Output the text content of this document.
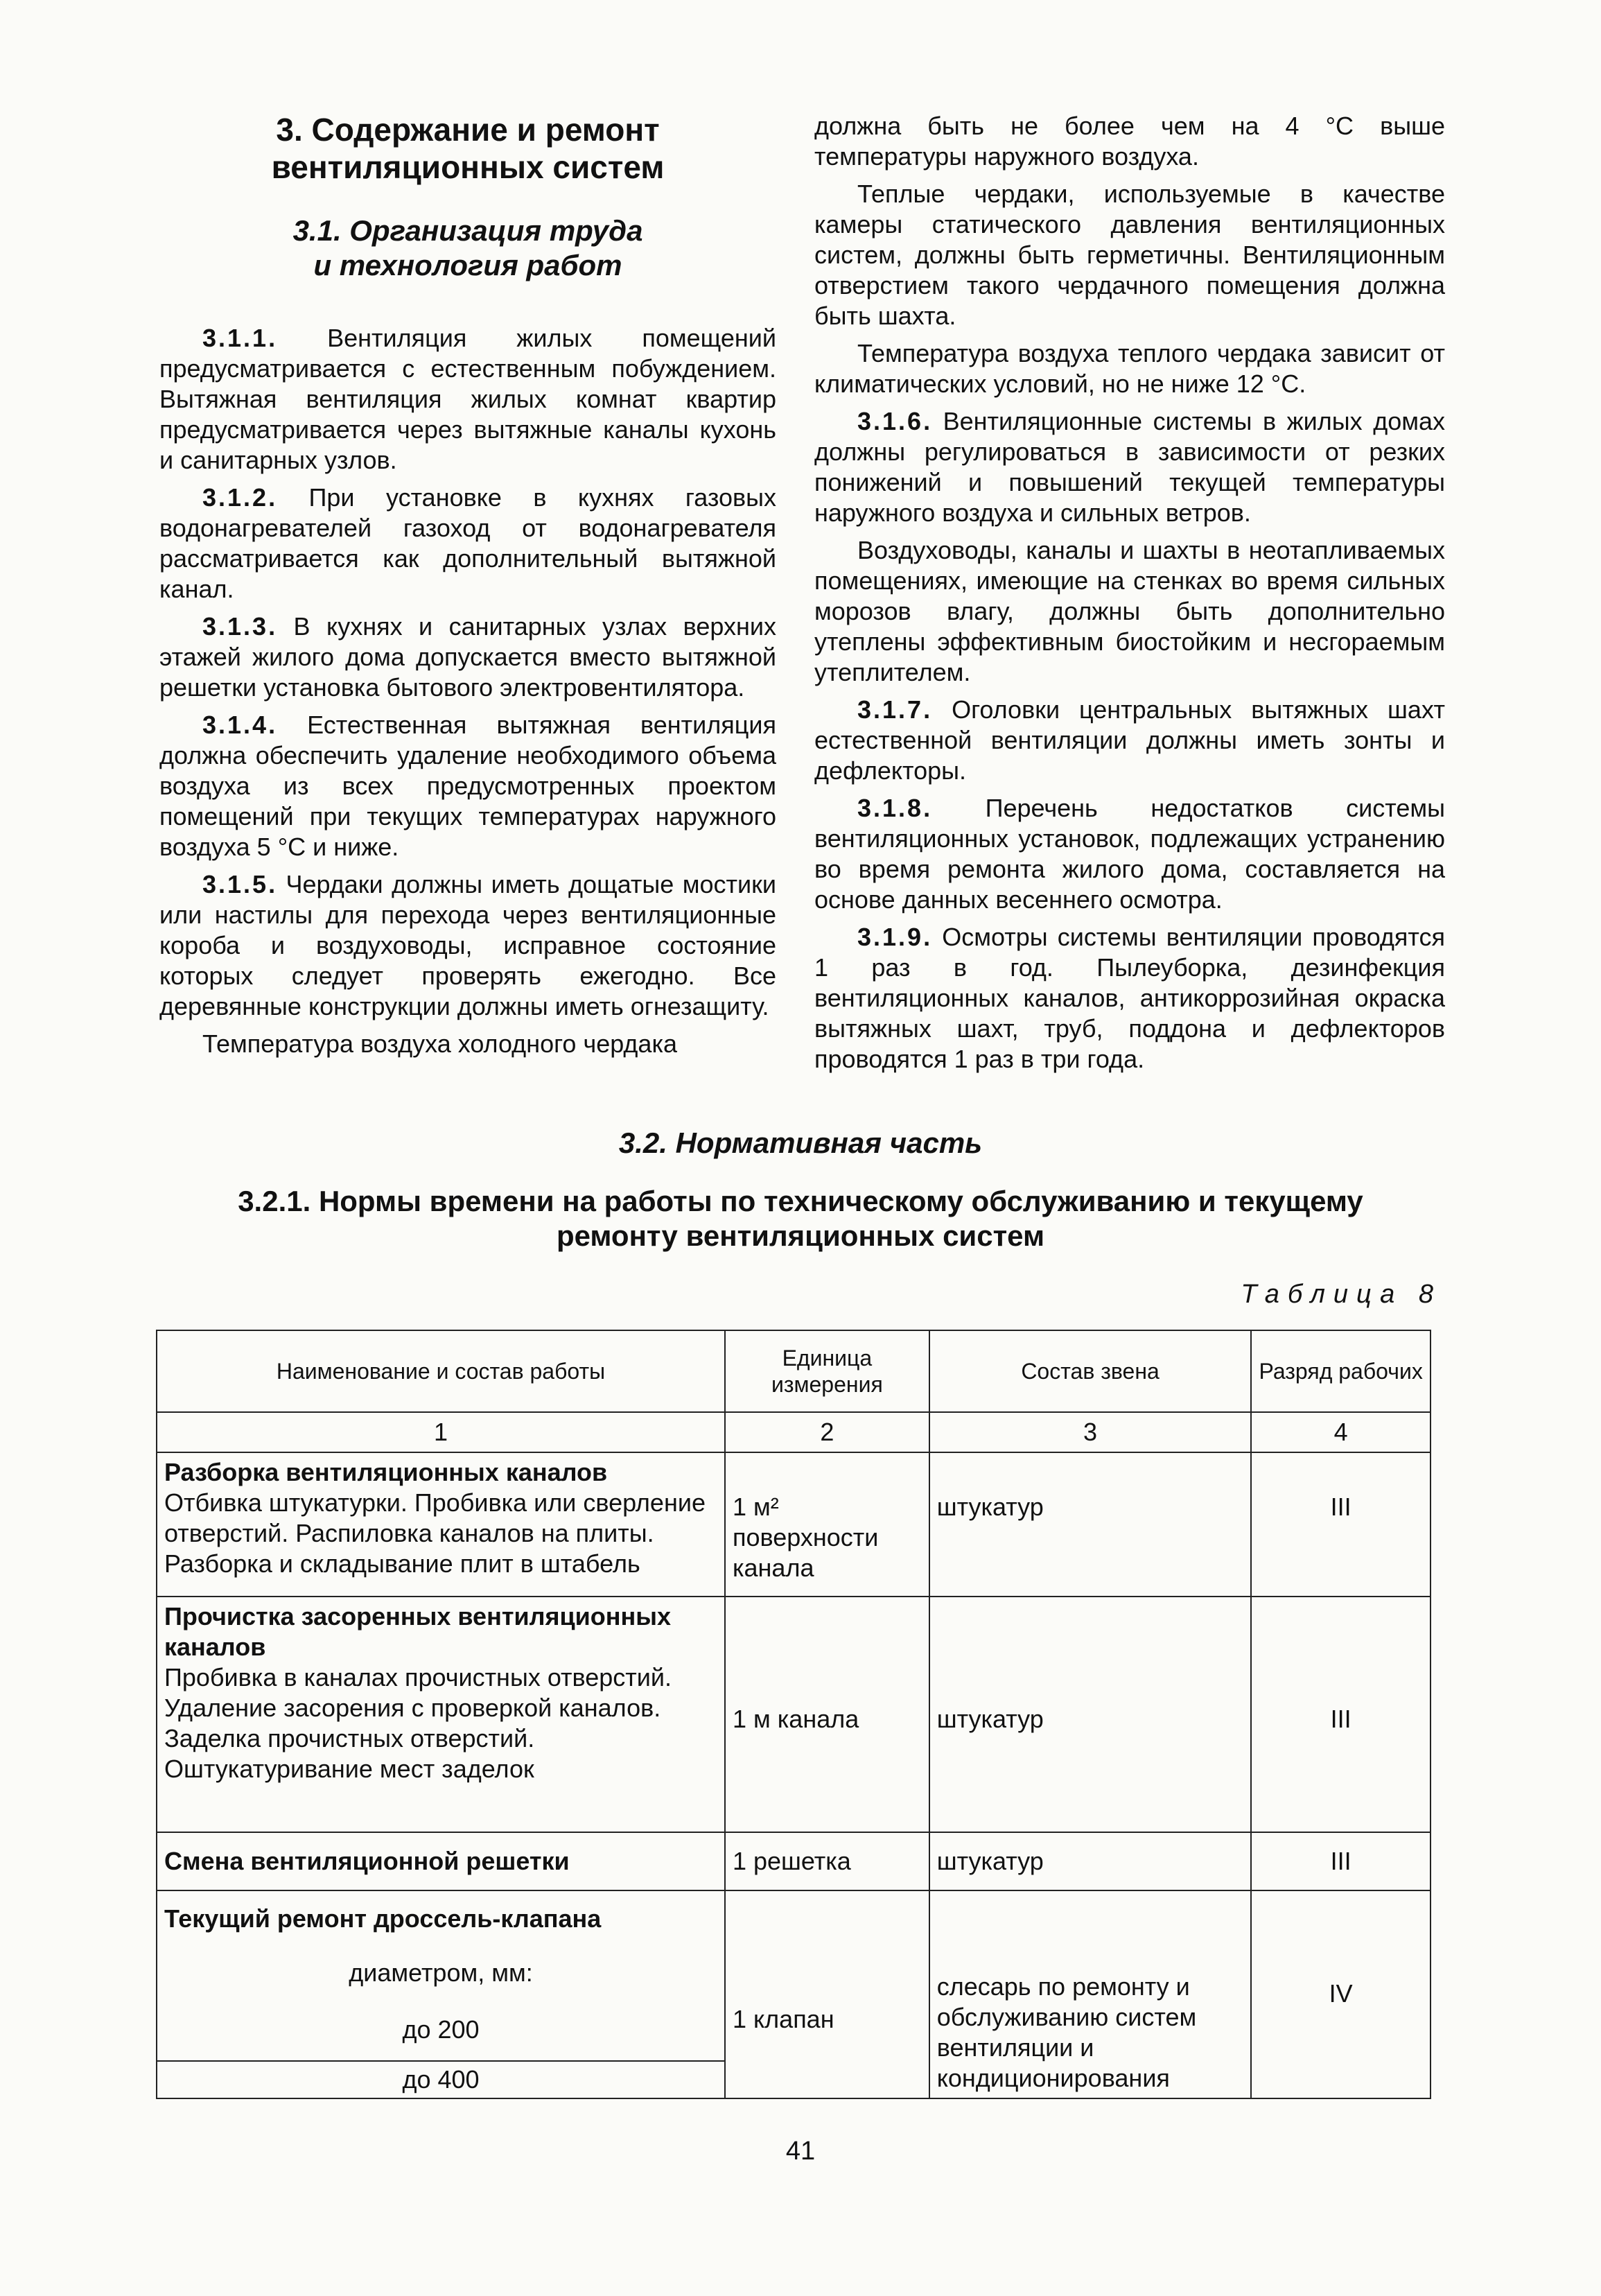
3. Содержание и ремонт
вентиляционных систем
3.1. Организация труда
и технология работ

3.1.1. Вентиляция жилых помещений предусматривается с естественным побуждением. Вытяжная вентиляция жилых комнат квартир предусматривается через вытяжные каналы кухонь и санитарных узлов.

3.1.2. При установке в кухнях газовых водонагревателей газоход от водонагревателя рассматривается как дополнительный вытяжной канал.

3.1.3. В кухнях и санитарных узлах верхних этажей жилого дома допускается вместо вытяжной решетки установка бытового электровентилятора.

3.1.4. Естественная вытяжная вентиляция должна обеспечить удаление необходимого объема воздуха из всех предусмотренных проектом помещений при текущих температурах наружного воздуха 5 °С и ниже.

3.1.5. Чердаки должны иметь дощатые мостики или настилы для перехода через вентиляционные короба и воздуховоды, исправное состояние которых следует проверять ежегодно. Все деревянные конструкции должны иметь огнезащиту.

Температура воздуха холодного чердака

должна быть не более чем на 4 °С выше температуры наружного воздуха.

Теплые чердаки, используемые в качестве камеры статического давления вентиляционных систем, должны быть герметичны. Вентиляционным отверстием такого чердачного помещения должна быть шахта.

Температура воздуха теплого чердака зависит от климатических условий, но не ниже 12 °С.

3.1.6. Вентиляционные системы в жилых домах должны регулироваться в зависимости от резких понижений и повышений текущей температуры наружного воздуха и сильных ветров.

Воздуховоды, каналы и шахты в неотапливаемых помещениях, имеющие на стенках во время сильных морозов влагу, должны быть дополнительно утеплены эффективным биостойким и несгораемым утеплителем.

3.1.7. Оголовки центральных вытяжных шахт естественной вентиляции должны иметь зонты и дефлекторы.

3.1.8. Перечень недостатков системы вентиляционных установок, подлежащих устранению во время ремонта жилого дома, составляется на основе данных весеннего осмотра.

3.1.9. Осмотры системы вентиляции проводятся 1 раз в год. Пылеуборка, дезинфекция вентиляционных каналов, антикоррозийная окраска вытяжных шахт, труб, поддона и дефлекторов проводятся 1 раз в три года.

3.2. Нормативная часть
3.2.1. Нормы времени на работы по техническому обслуживанию и текущему
ремонту вентиляционных систем
Таблица 8
Наименование и состав работы	Единица измерения	Состав звена	Разряд рабочих
1	2	3	4

Разборка вентиляционных каналов
Отбивка штукатурки. Пробивка или сверление отверстий. Распиловка каналов на плиты. Разборка и складывание плит в штабель	1 м² поверхности канала	штукатур	III

Прочистка засоренных вентиляционных каналов
Пробивка в каналах прочистных отверстий. Удаление засорения с проверкой каналов. Заделка прочистных отверстий. Оштукатуривание мест заделок	1 м канала	штукатур	III

Смена вентиляционной решетки	1 решетка	штукатур	III

Текущий ремонт дроссель-клапана
диаметром, мм:
до 200
до 400	1 клапан	слесарь по ремонту и обслуживанию систем вентиляции и кондиционирования	IV
41
